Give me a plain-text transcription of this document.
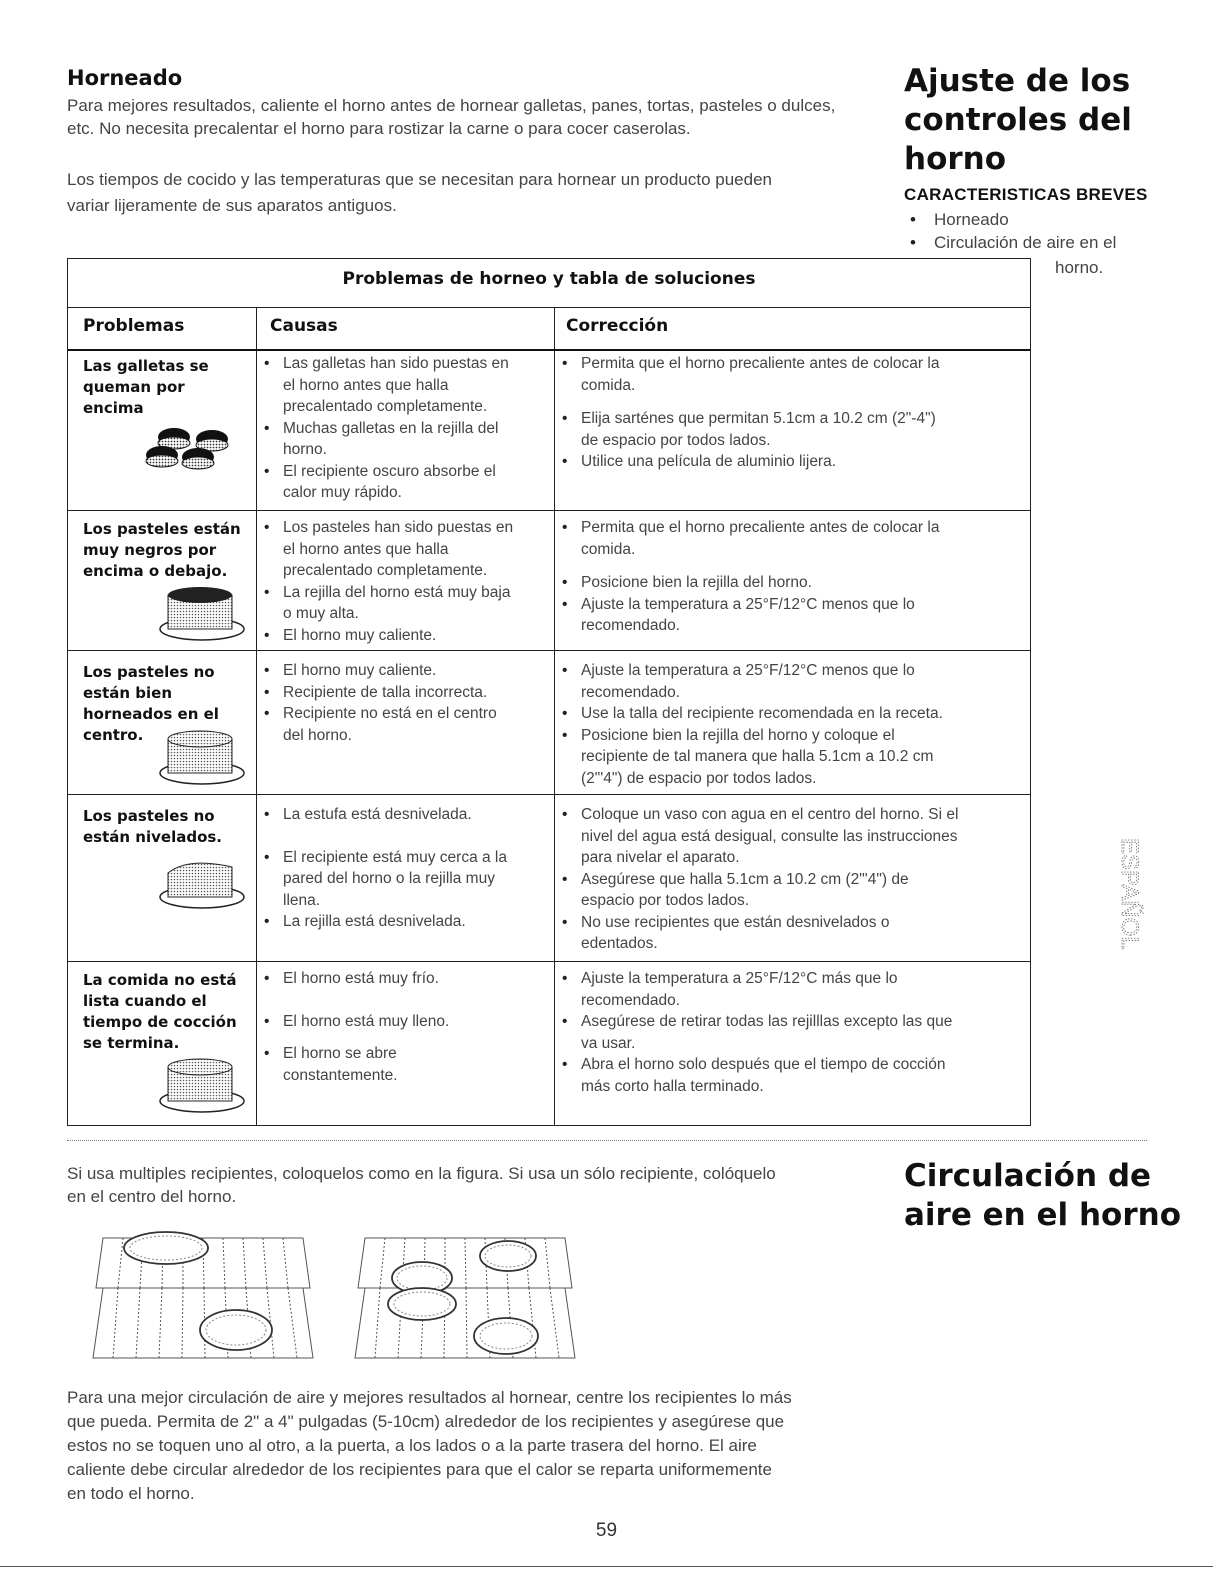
Horneado
Para mejores resultados, caliente el horno antes de hornear galletas, panes, tortas, pasteles o dulces,
etc. No necesita precalentar el horno para rostizar la carne o para cocer caserolas.
Los tiempos de cocido y las temperaturas que se necesitan para hornear un producto pueden
variar lijeramente de sus aparatos antiguos.
Ajuste de los
controles del
horno
CARACTERISTICAS BREVES
• Horneado
• Circulación de aire en el
horno.
Problemas de horneo y tabla de soluciones
Problemas	Causas	Corrección
Las galletas se
queman por
encima
• Las galletas han sido puestas en
el horno antes que halla
precalentado completamente.
• Muchas galletas en la rejilla del
horno.
• El recipiente oscuro absorbe el
calor muy rápido.
• Permita que el horno precaliente antes de colocar la
comida.
• Elija sarténes que permitan 5.1cm a 10.2 cm (2"-4")
de espacio por todos lados.
• Utilice una película de aluminio lijera.
Los pasteles están
muy negros por
encima o debajo.
• Los pasteles han sido puestas en
el horno antes que halla
precalentado completamente.
• La rejilla del horno está muy baja
o muy alta.
• El horno muy caliente.
• Permita que el horno precaliente antes de colocar la
comida.
• Posicione bien la rejilla del horno.
• Ajuste la temperatura a 25°F/12°C menos que lo
recomendado.
Los pasteles no
están bien
horneados en el
centro.
• El horno muy caliente.
• Recipiente de talla incorrecta.
• Recipiente no está en el centro
del horno.
• Ajuste la temperatura a 25°F/12°C menos que lo
recomendado.
• Use la talla del recipiente recomendada en la receta.
• Posicione bien la rejilla del horno y coloque el
recipiente de tal manera que halla 5.1cm a 10.2 cm
(2"'4") de espacio por todos lados.
Los pasteles no
están nivelados.
• La estufa está desnivelada.
• El recipiente está muy cerca a la
pared del horno o la rejilla muy
llena.
• La rejilla está desnivelada.
• Coloque un vaso con agua en el centro del horno. Si el
nivel del agua está desigual, consulte las instrucciones
para nivelar el aparato.
• Asegúrese que halla 5.1cm a 10.2 cm (2"'4") de
espacio por todos lados.
• No use recipientes que están desnivelados o
edentados.
La comida no está
lista cuando el
tiempo de cocción
se termina.
• El horno está muy frío.
• El horno está muy lleno.
• El horno se abre
constantemente.
• Ajuste la temperatura a 25°F/12°C más que lo
recomendado.
• Asegúrese de retirar todas las rejilllas excepto las que
va usar.
• Abra el horno solo después que el tiempo de cocción
más corto halla terminado.
ESPAÑOL
Si usa multiples recipientes, coloquelos como en la figura. Si usa un sólo recipiente, colóquelo
en el centro del horno.
Circulación de
aire en el horno
Para una mejor circulación de aire y mejores resultados al hornear, centre los recipientes lo más
que pueda. Permita de 2" a 4" pulgadas (5-10cm) alrededor de los recipientes y asegúrese que
estos no se toquen uno al otro, a la puerta, a los lados o a la parte trasera del horno. El aire
caliente debe circular alrededor de los recipientes para que el calor se reparta uniformemente
en todo el horno.
59
